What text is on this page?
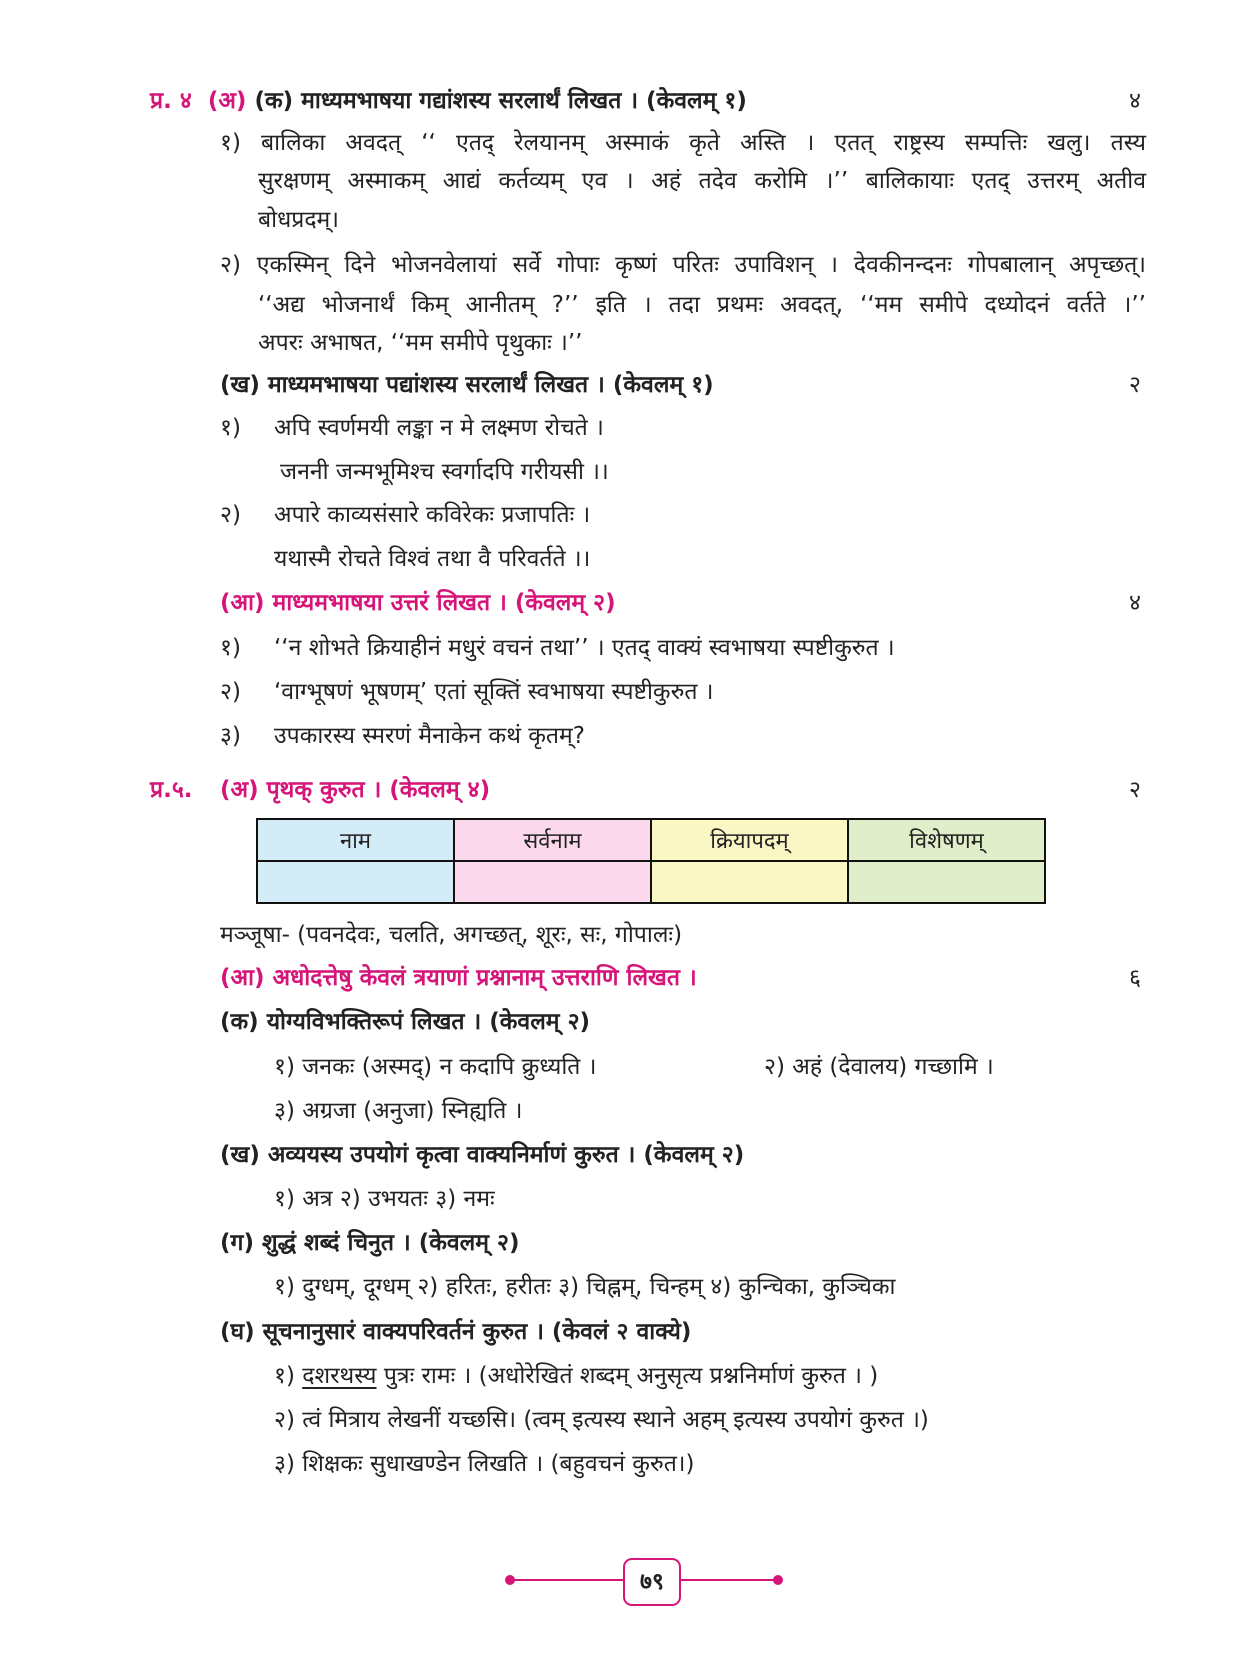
प्र. ४ (अ) (क) माध्यमभाषया गद्यांशस्य सरलार्थं लिखत । (केवलम् १)	४
१) बालिका अवदत् ‘‘ एतद् रेलयानम् अस्माकं कृते अस्ति । एतत् राष्ट्रस्य सम्पत्तिः खलु। तस्य
सुरक्षणम् अस्माकम् आद्यं कर्तव्यम् एव । अहं तदेव करोमि ।’’ बालिकायाः एतद् उत्तरम् अतीव
बोधप्रदम्।
२) एकस्मिन् दिने भोजनवेलायां सर्वे गोपाः कृष्णं परितः उपाविशन् । देवकीनन्दनः गोपबालान् अपृच्छत्।
‘‘अद्य भोजनार्थं किम् आनीतम् ?’’ इति । तदा प्रथमः अवदत्, ‘‘मम समीपे दध्योदनं वर्तते ।’’
अपरः अभाषत, ‘‘मम समीपे पृथुकाः ।’’
(ख) माध्यमभाषया पद्यांशस्य सरलार्थं लिखत । (केवलम् १)	२
१) अपि स्वर्णमयी लङ्का न मे लक्ष्मण रोचते ।
जननी जन्मभूमिश्च स्वर्गादपि गरीयसी ।।
२) अपारे काव्यसंसारे कविरेकः प्रजापतिः ।
यथास्मै रोचते विश्वं तथा वै परिवर्तते ।।
(आ) माध्यमभाषया उत्तरं लिखत । (केवलम् २)	४
१) ‘‘न शोभते क्रियाहीनं मधुरं वचनं तथा’’ । एतद् वाक्यं स्वभाषया स्पष्टीकुरुत ।
२) ‘वाग्भूषणं भूषणम्’ एतां सूक्तिं स्वभाषया स्पष्टीकुरुत ।
३) उपकारस्य स्मरणं मैनाकेन कथं कृतम्?
प्र.५. (अ) पृथक् कुरुत । (केवलम् ४)	२
नाम	सर्वनाम	क्रियापदम्	विशेषणम्

मञ्जूषा- (पवनदेवः, चलति, अगच्छत्, शूरः, सः, गोपालः)
(आ) अधोदत्तेषु केवलं त्रयाणां प्रश्नानाम् उत्तराणि लिखत ।	६
(क) योग्यविभक्तिरूपं लिखत । (केवलम् २)
१) जनकः (अस्मद्) न कदापि क्रुध्यति ।	२) अहं (देवालय) गच्छामि ।
३) अग्रजा (अनुजा) स्निह्यति ।
(ख) अव्ययस्य उपयोगं कृत्वा वाक्यनिर्माणं कुरुत । (केवलम् २)
१) अत्र २) उभयतः ३) नमः
(ग) शुद्धं शब्दं चिनुत । (केवलम् २)
१) दुग्धम्, दूग्धम् २) हरितः, हरीतः ३) चिह्नम्, चिन्हम् ४) कुन्चिका, कुञ्चिका
(घ) सूचनानुसारं वाक्यपरिवर्तनं कुरुत । (केवलं २ वाक्ये)
१) दशरथस्य पुत्रः रामः । (अधोरेखितं शब्दम् अनुसृत्य प्रश्ननिर्माणं कुरुत । )
२) त्वं मित्राय लेखनीं यच्छसि। (त्वम् इत्यस्य स्थाने अहम् इत्यस्य उपयोगं कुरुत ।)
३) शिक्षकः सुधाखण्डेन लिखति । (बहुवचनं कुरुत।)
७९
